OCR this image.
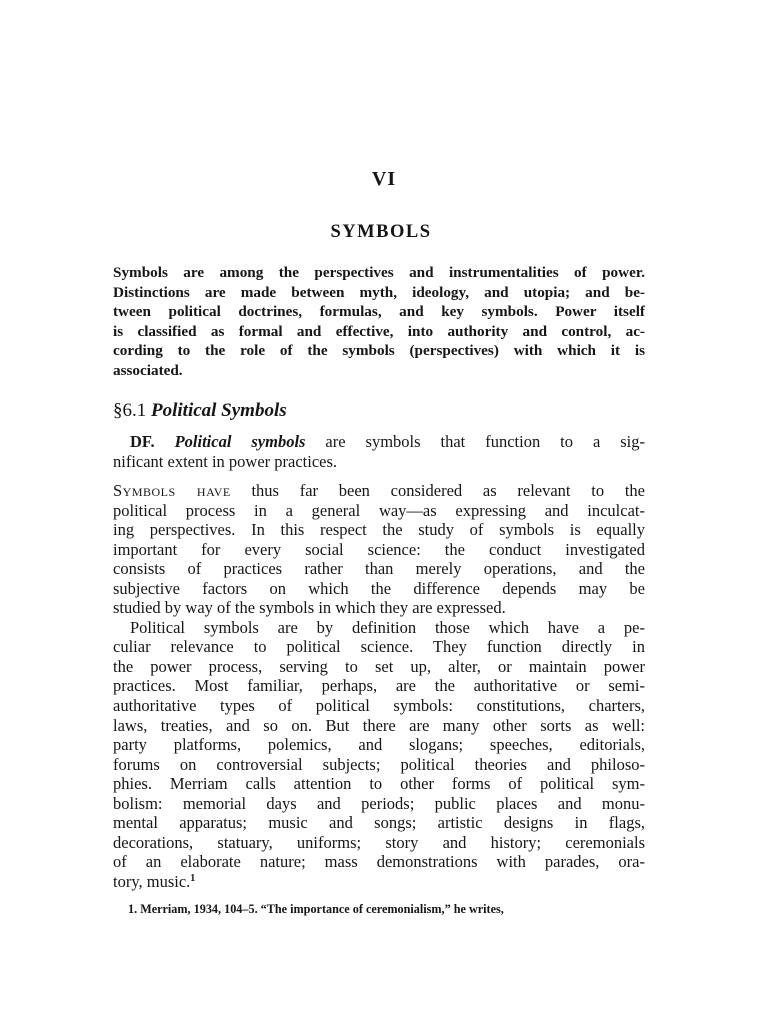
VI
SYMBOLS
Symbols are among the perspectives and instrumentalities of power.
Distinctions are made between myth, ideology, and utopia; and be-
tween political doctrines, formulas, and key symbols. Power itself
is classified as formal and effective, into authority and control, ac-
cording to the role of the symbols (perspectives) with which it is
associated.
§6.1 Political Symbols
DF. Political symbols are symbols that function to a sig-
nificant extent in power practices.
Symbols have thus far been considered as relevant to the
political process in a general way—as expressing and inculcat-
ing perspectives. In this respect the study of symbols is equally
important for every social science: the conduct investigated
consists of practices rather than merely operations, and the
subjective factors on which the difference depends may be
studied by way of the symbols in which they are expressed.
Political symbols are by definition those which have a pe-
culiar relevance to political science. They function directly in
the power process, serving to set up, alter, or maintain power
practices. Most familiar, perhaps, are the authoritative or semi-
authoritative types of political symbols: constitutions, charters,
laws, treaties, and so on. But there are many other sorts as well:
party platforms, polemics, and slogans; speeches, editorials,
forums on controversial subjects; political theories and philoso-
phies. Merriam calls attention to other forms of political sym-
bolism: memorial days and periods; public places and monu-
mental apparatus; music and songs; artistic designs in flags,
decorations, statuary, uniforms; story and history; ceremonials
of an elaborate nature; mass demonstrations with parades, ora-
tory, music.$^1$
1. Merriam, 1934, 104–5. “The importance of ceremonialism,” he writes,
